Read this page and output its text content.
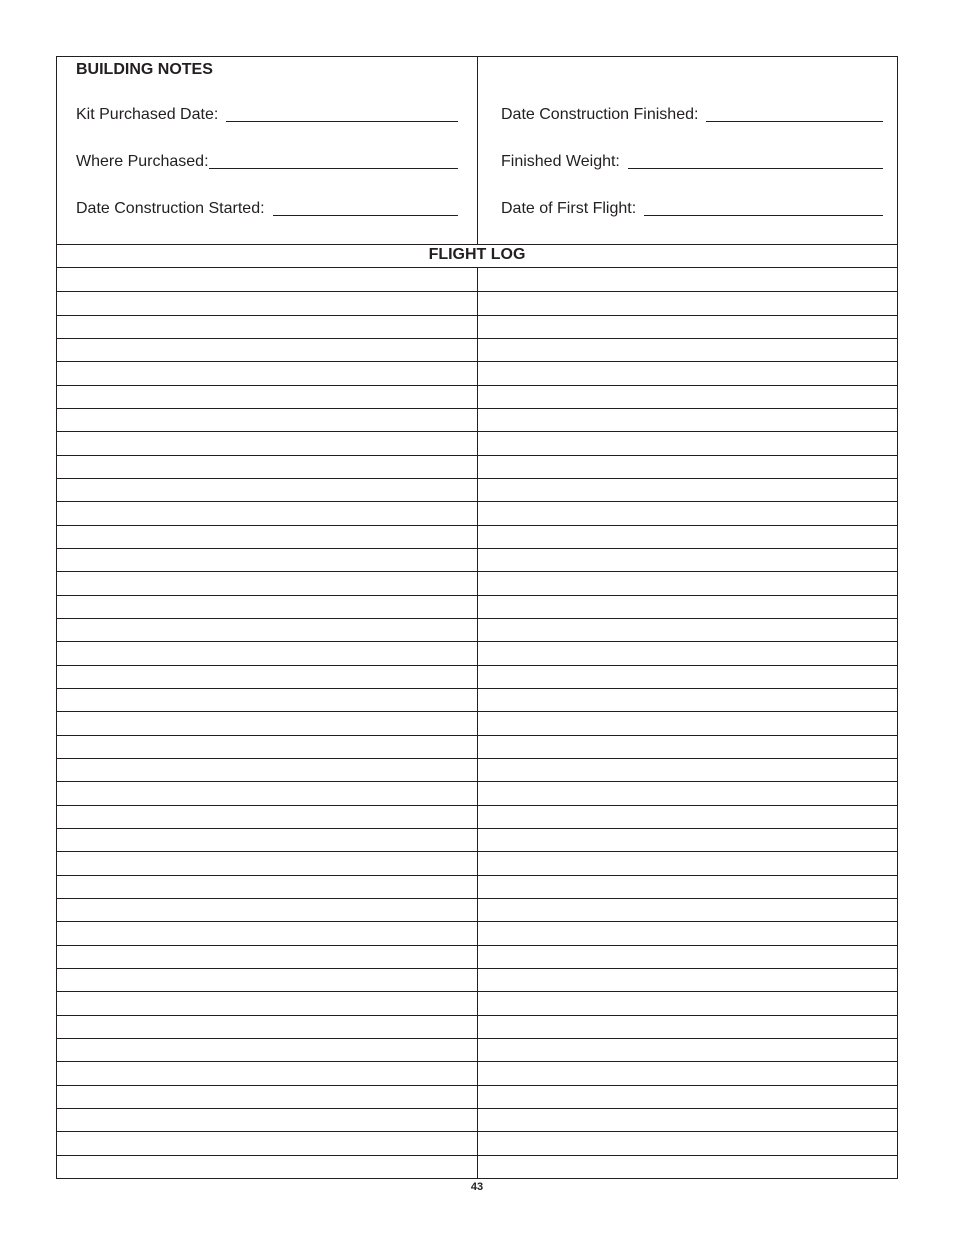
BUILDING NOTES
Kit Purchased Date:
Where Purchased:
Date Construction Started:
Date Construction Finished:
Finished Weight:
Date of First Flight:
FLIGHT LOG
43
